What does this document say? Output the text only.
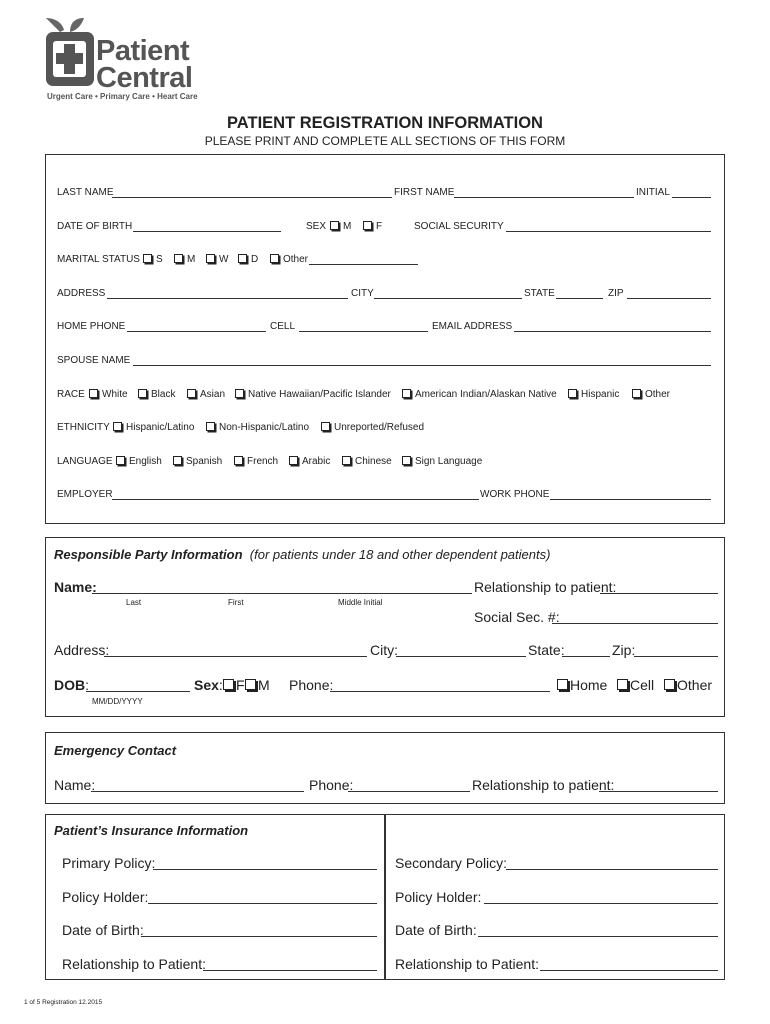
Patient
Central
Urgent Care • Primary Care • Heart Care
PATIENT REGISTRATION INFORMATION
PLEASE PRINT AND COMPLETE ALL SECTIONS OF THIS FORM
LAST NAME	FIRST NAME	INITIAL
DATE OF BIRTH	SEX	M	F	SOCIAL SECURITY
MARITAL STATUS	S	M	W	D	Other
ADDRESS	CITY	STATE	ZIP
HOME PHONE	CELL	EMAIL ADDRESS
SPOUSE NAME
RACE	White	Black	Asian	Native Hawaiian/Pacific Islander	American Indian/Alaskan Native	Hispanic	Other
ETHNICITY	Hispanic/Latino	Non-Hispanic/Latino	Unreported/Refused
LANGUAGE	English	Spanish	French	Arabic	Chinese	Sign Language
EMPLOYER	WORK PHONE
Responsible Party Information (for patients under 18 and other dependent patients)
Name:	Relationship to patient:
Last	First	Middle Initial
Social Sec. #:
Address:	City:	State:	Zip:
DOB:	Sex: F M Phone:	Home	Cell	Other
MM/DD/YYYY
Emergency Contact
Name:	Phone:	Relationship to patient:
Patient’s Insurance Information
Primary Policy:
Policy Holder:
Date of Birth:
Relationship to Patient:
Secondary Policy:
Policy Holder:
Date of Birth:
Relationship to Patient:
1 of 5 Registration 12.2015
